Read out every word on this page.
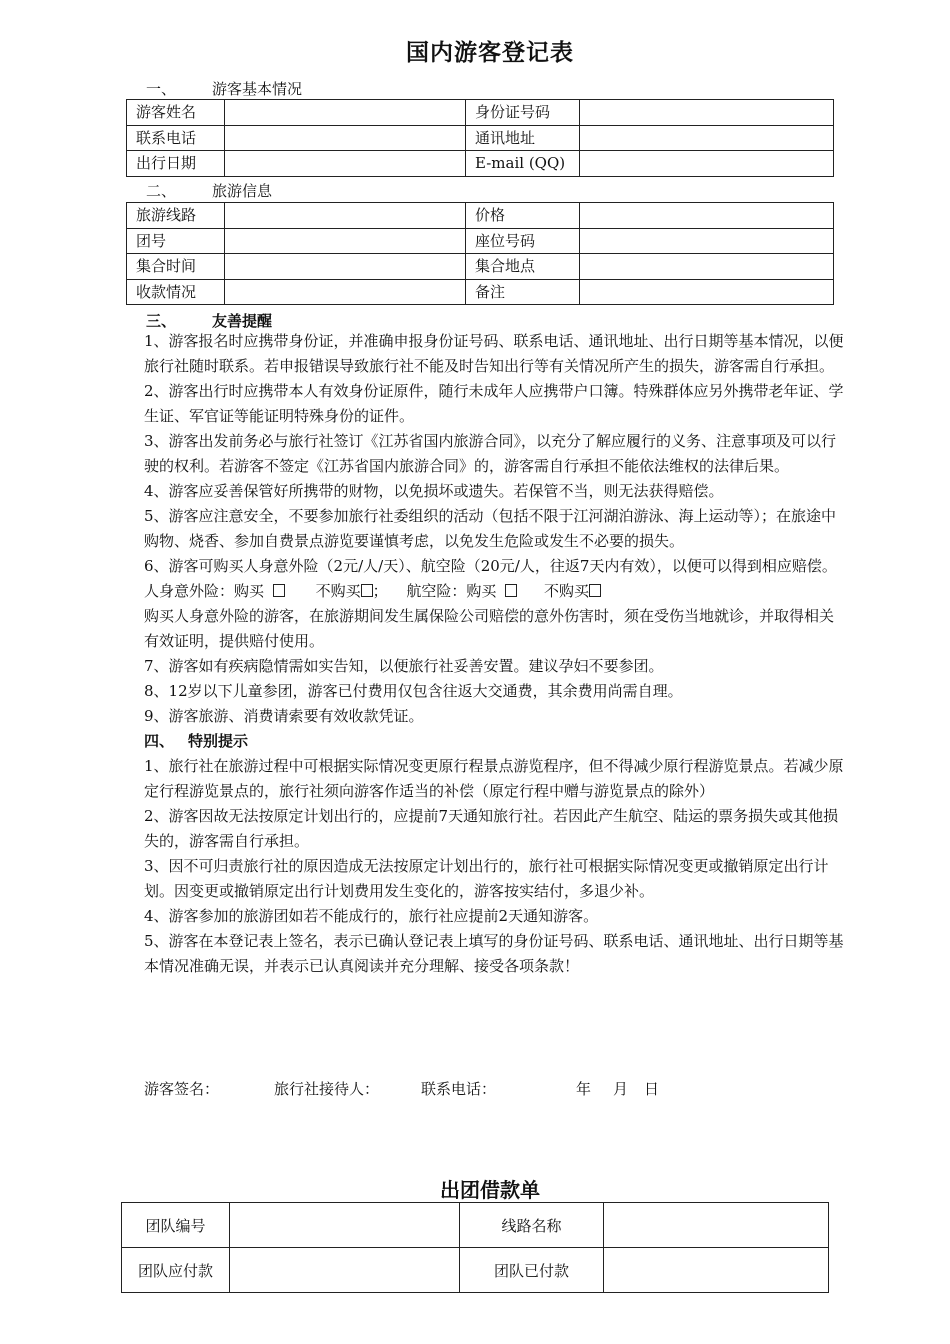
国内游客登记表
一、 游客基本情况
游客姓名		身份证号码	
联系电话		通讯地址	
出行日期		E-mail (QQ)	
二、 旅游信息
旅游线路		价格	
团号		座位号码	
集合时间		集合地点	
收款情况		备注	
三、 友善提醒

1、游客报名时应携带身份证，并准确申报身份证号码、联系电话、通讯地址、出行日期等基本情况，以便旅行社随时联系。若申报错误导致旅行社不能及时告知出行等有关情况所产生的损失，游客需自行承担。

2、游客出行时应携带本人有效身份证原件，随行未成年人应携带户口簿。特殊群体应另外携带老年证、学生证、军官证等能证明特殊身份的证件。

3、游客出发前务必与旅行社签订《江苏省国内旅游合同》，以充分了解应履行的义务、注意事项及可以行驶的权利。若游客不签定《江苏省国内旅游合同》的，游客需自行承担不能依法维权的法律后果。

4、游客应妥善保管好所携带的财物，以免损坏或遗失。若保管不当，则无法获得赔偿。

5、游客应注意安全，不要参加旅行社委组织的活动（包括不限于江河湖泊游泳、海上运动等）；在旅途中购物、烧香、参加自费景点游览要谨慎考虑，以免发生危险或发生不必要的损失。

6、游客可购买人身意外险（2元/人/天）、航空险（20元/人，往返7天内有效），以便可以得到相应赔偿。

人身意外险：购买	不购买 ； 航空险：购买	不购买

购买人身意外险的游客，在旅游期间发生属保险公司赔偿的意外伤害时，须在受伤当地就诊，并取得相关有效证明，提供赔付使用。

7、游客如有疾病隐情需如实告知，以便旅行社妥善安置。建议孕妇不要参团。

8、12岁以下儿童参团，游客已付费用仅包含往返大交通费，其余费用尚需自理。

9、游客旅游、消费请索要有效收款凭证。

四、 特别提示

1、旅行社在旅游过程中可根据实际情况变更原行程景点游览程序，但不得减少原行程游览景点。若减少原定行程游览景点的，旅行社须向游客作适当的补偿（原定行程中赠与游览景点的除外）

2、游客因故无法按原定计划出行的，应提前7天通知旅行社。若因此产生航空、陆运的票务损失或其他损失的，游客需自行承担。

3、因不可归责旅行社的原因造成无法按原定计划出行的，旅行社可根据实际情况变更或撤销原定出行计划。因变更或撤销原定出行计划费用发生变化的，游客按实结付，多退少补。

4、游客参加的旅游团如若不能成行的，旅行社应提前2天通知游客。

5、游客在本登记表上签名，表示已确认登记表上填写的身份证号码、联系电话、通讯地址、出行日期等基本情况准确无误，并表示已认真阅读并充分理解、接受各项条款！

游客签名：	旅行社接待人：	联系电话：	年 月 日
出团借款单
团队编号		线路名称	
团队应付款		团队已付款	
